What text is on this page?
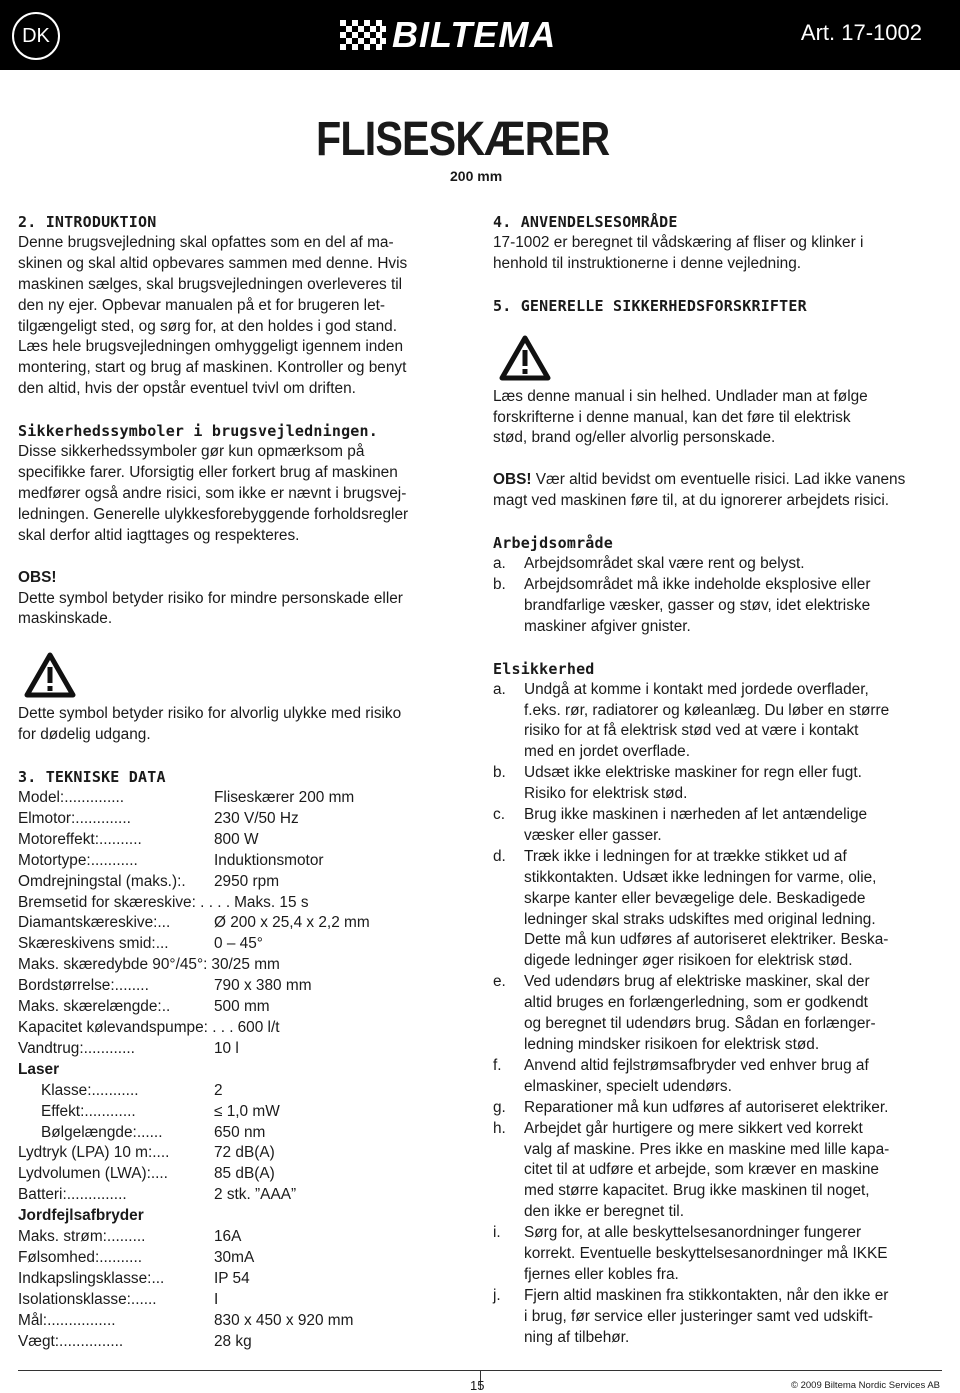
DK	BILTEMA	Art. 17-1002
FLISESKÆRER
200 mm
2. INTRODUKTION
Denne brugsvejledning skal opfattes som en del af ma-
skinen og skal altid opbevares sammen med denne. Hvis
maskinen sælges, skal brugsvejledningen overleveres til
den ny ejer. Opbevar manualen på et for brugeren let-
tilgængeligt sted, og sørg for, at den holdes i god stand.
Læs hele brugsvejledningen omhyggeligt igennem inden
montering, start og brug af maskinen. Kontroller og benyt
den altid, hvis der opstår eventuel tvivl om driften.
Sikkerhedssymboler i brugsvejledningen.
Disse sikkerhedssymboler gør kun opmærksom på
specifikke farer. Uforsigtig eller forkert brug af maskinen
medfører også andre risici, som ikke er nævnt i brugsvej-
ledningen. Generelle ulykkesforebyggende forholdsregler
skal derfor altid iagttages og respekteres.
OBS!
Dette symbol betyder risiko for mindre personskade eller
maskinskade.
Dette symbol betyder risiko for alvorlig ulykke med risiko
for dødelig udgang.
3. TEKNISKE DATA
Model:..............	Fliseskærer 200 mm
Elmotor:.............	230 V/50 Hz
Motoreffekt:..........	800 W
Motortype:...........	Induktionsmotor
Omdrejningstal (maks.):.	2950 rpm
Bremsetid for skæreskive: . . . . Maks. 15 s
Diamantskæreskive:...	Ø 200 x 25,4 x 2,2 mm
Skæreskivens smid:...	0 – 45°
Maks. skæredybde 90°/45°: 30/25 mm
Bordstørrelse:........	790 x 380 mm
Maks. skærelængde:..	500 mm
Kapacitet kølevandspumpe: . . . 600 l/t
Vandtrug:............	10 l
Laser
Klasse:...........	2
Effekt:............	≤ 1,0 mW
Bølgelængde:......	650 nm
Lydtryk (LPA) 10 m:....	72 dB(A)
Lydvolumen (LWA):....	85 dB(A)
Batteri:..............	2 stk. ”AAA”
Jordfejlsafbryder
Maks. strøm:.........	16A
Følsomhed:..........	30mA
Indkapslingsklasse:...	IP 54
Isolationsklasse:......	I
Mål:................	830 x 450 x 920 mm
Vægt:...............	28 kg
4. ANVENDELSESOMRÅDE
17-1002 er beregnet til vådskæring af fliser og klinker i
henhold til instruktionerne i denne vejledning.
5. GENERELLE SIKKERHEDSFORSKRIFTER
Læs denne manual i sin helhed. Undlader man at følge
forskrifterne i denne manual, kan det føre til elektrisk
stød, brand og/eller alvorlig personskade.
OBS! Vær altid bevidst om eventuelle risici. Lad ikke vanens
magt ved maskinen føre til, at du ignorerer arbejdets risici.
Arbejdsområde
a.	Arbejdsområdet skal være rent og belyst.
b.	Arbejdsområdet må ikke indeholde eksplosive eller
brandfarlige væsker, gasser og støv, idet elektriske
maskiner afgiver gnister.
Elsikkerhed
a.	Undgå at komme i kontakt med jordede overflader,
f.eks. rør, radiatorer og køleanlæg. Du løber en større
risiko for at få elektrisk stød ved at være i kontakt
med en jordet overflade.
b.	Udsæt ikke elektriske maskiner for regn eller fugt.
Risiko for elektrisk stød.
c.	Brug ikke maskinen i nærheden af let antændelige
væsker eller gasser.
d.	Træk ikke i ledningen for at trække stikket ud af
stikkontakten. Udsæt ikke ledningen for varme, olie,
skarpe kanter eller bevægelige dele. Beskadigede
ledninger skal straks udskiftes med original ledning.
Dette må kun udføres af autoriseret elektriker. Beska-
digede ledninger øger risikoen for elektrisk stød.
e.	Ved udendørs brug af elektriske maskiner, skal der
altid bruges en forlængerledning, som er godkendt
og beregnet til udendørs brug. Sådan en forlænger-
ledning mindsker risikoen for elektrisk stød.
f.	Anvend altid fejlstrømsafbryder ved enhver brug af
elmaskiner, specielt udendørs.
g.	Reparationer må kun udføres af autoriseret elektriker.
h.	Arbejdet går hurtigere og mere sikkert ved korrekt
valg af maskine. Pres ikke en maskine med lille kapa-
citet til at udføre et arbejde, som kræver en maskine
med større kapacitet. Brug ikke maskinen til noget,
den ikke er beregnet til.
i.	Sørg for, at alle beskyttelsesanordninger fungerer
korrekt. Eventuelle beskyttelsesanordninger må IKKE
fjernes eller kobles fra.
j.	Fjern altid maskinen fra stikkontakten, når den ikke er
i brug, før service eller justeringer samt ved udskift-
ning af tilbehør.
15	© 2009 Biltema Nordic Services AB
